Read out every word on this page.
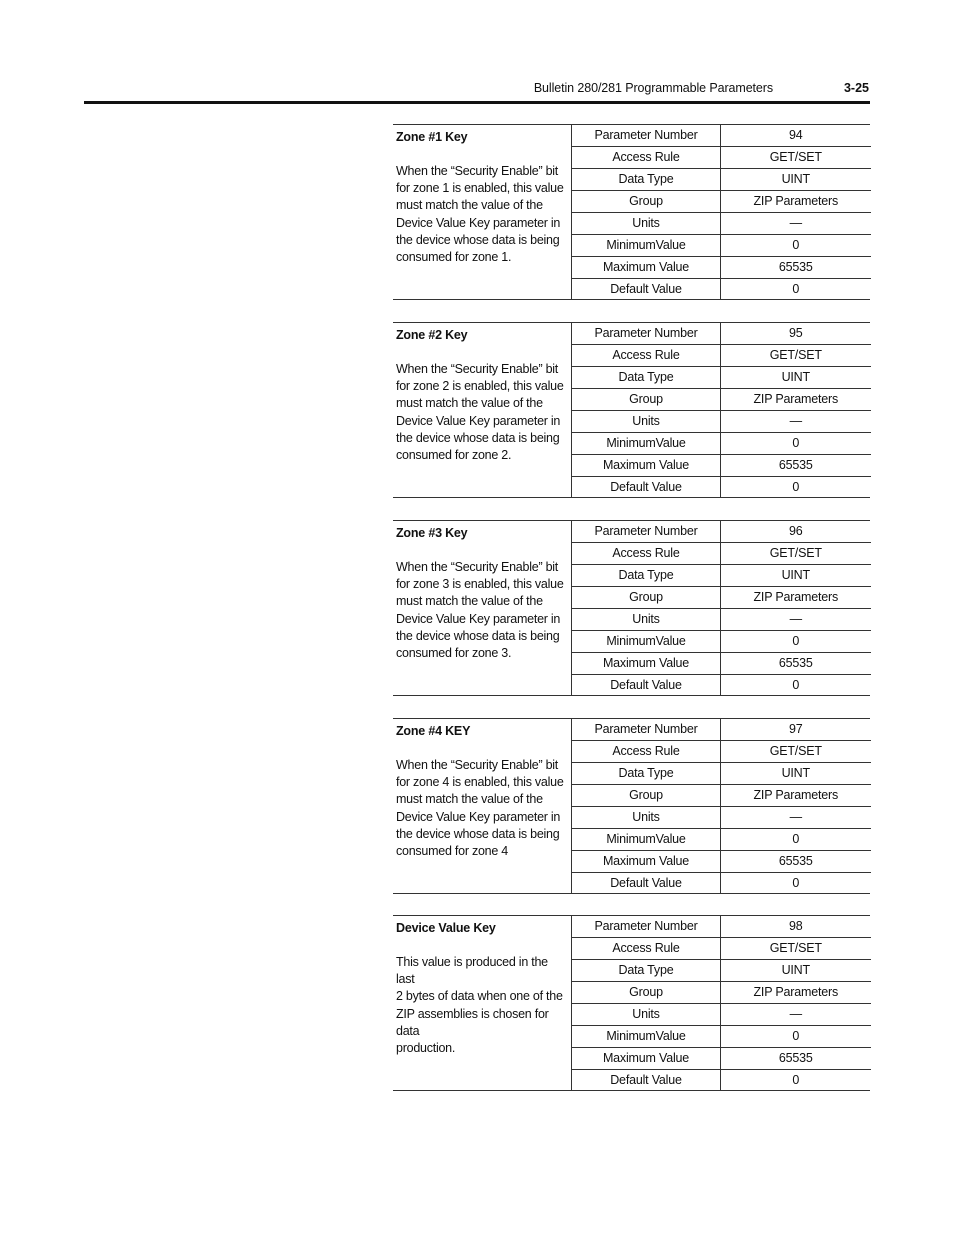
Bulletin 280/281 Programmable Parameters	3-25
Zone #1 Key
When the “Security Enable” bit
for zone 1 is enabled, this value
must match the value of the
Device Value Key parameter in
the device whose data is being
consumed for zone 1.
Parameter Number	94
Access Rule	GET/SET
Data Type	UINT
Group	ZIP Parameters
Units	—
MinimumValue	0
Maximum Value	65535
Default Value	0
Zone #2 Key
When the “Security Enable” bit
for zone 2 is enabled, this value
must match the value of the
Device Value Key parameter in
the device whose data is being
consumed for zone 2.
Parameter Number	95
Access Rule	GET/SET
Data Type	UINT
Group	ZIP Parameters
Units	—
MinimumValue	0
Maximum Value	65535
Default Value	0
Zone #3 Key
When the “Security Enable” bit
for zone 3 is enabled, this value
must match the value of the
Device Value Key parameter in
the device whose data is being
consumed for zone 3.
Parameter Number	96
Access Rule	GET/SET
Data Type	UINT
Group	ZIP Parameters
Units	—
MinimumValue	0
Maximum Value	65535
Default Value	0
Zone #4 KEY
When the “Security Enable” bit
for zone 4 is enabled, this value
must match the value of the
Device Value Key parameter in
the device whose data is being
consumed for zone 4
Parameter Number	97
Access Rule	GET/SET
Data Type	UINT
Group	ZIP Parameters
Units	—
MinimumValue	0
Maximum Value	65535
Default Value	0
Device Value Key
This value is produced in the last
2 bytes of data when one of the
ZIP assemblies is chosen for data
production.
Parameter Number	98
Access Rule	GET/SET
Data Type	UINT
Group	ZIP Parameters
Units	—
MinimumValue	0
Maximum Value	65535
Default Value	0
